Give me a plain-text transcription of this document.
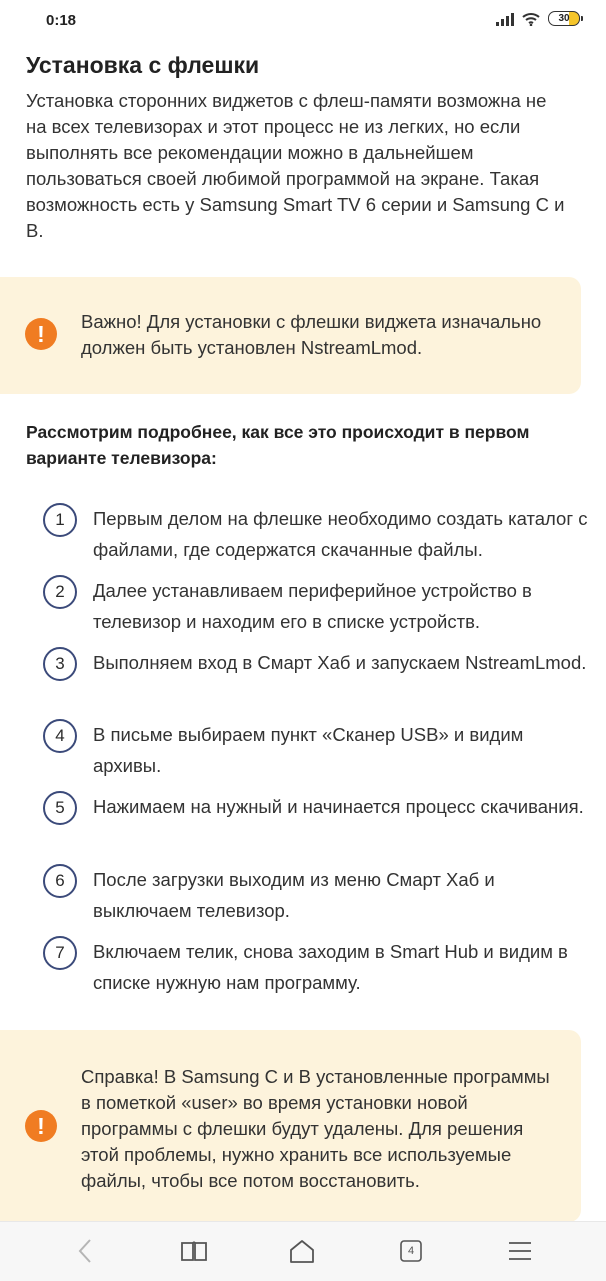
0:18	30
Установка с флешки

Установка сторонних виджетов с флеш-памяти возможна не на всех телевизорах и этот процесс не из легких, но если выполнять все рекомендации можно в дальнейшем пользоваться своей любимой программой на экране. Такая возможность есть у Samsung Smart TV 6 серии и Samsung C и B.

!	Важно! Для установки с флешки виджета изначально должен быть установлен NstreamLmod.

Рассмотрим подробнее, как все это происходит в первом варианте телевизора:

1	Первым делом на флешке необходимо создать каталог с файлами, где содержатся скачанные файлы.

2	Далее устанавливаем периферийное устройство в телевизор и находим его в списке устройств.

3	Выполняем вход в Смарт Хаб и запускаем NstreamLmod.

4	В письме выбираем пункт «Сканер USB» и видим архивы.

5	Нажимаем на нужный и начинается процесс скачивания.

6	После загрузки выходим из меню Смарт Хаб и выключаем телевизор.

7	Включаем телик, снова заходим в Smart Hub и видим в списке нужную нам программу.

!

Справка! В Samsung C и B установленные программы в пометкой «user» во время установки новой программы с флешки будут удалены. Для решения этой проблемы, нужно хранить все используемые файлы, чтобы все потом восстановить.

4
